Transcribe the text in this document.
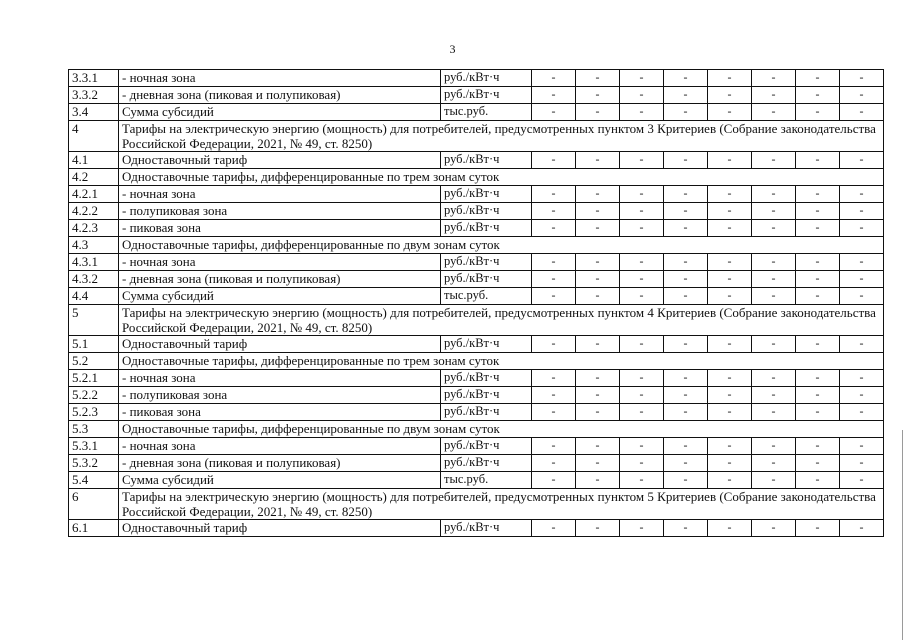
3
3.3.1	- ночная зона	руб./кВт·ч	-	-	-	-	-	-	-	-
3.3.2	- дневная зона (пиковая и полупиковая)	руб./кВт·ч	-	-	-	-	-	-	-	-
3.4	Сумма субсидий	тыс.руб.	-	-	-	-	-	-	-	-
4	Тарифы на электрическую энергию (мощность) для потребителей, предусмотренных пунктом 3 Критериев (Собрание законодательства Российской Федерации, 2021, № 49, ст. 8250)									
4.1	Одноставочный тариф	руб./кВт·ч	-	-	-	-	-	-	-	-
4.2	Одноставочные тарифы, дифференцированные по трем зонам суток									
4.2.1	- ночная зона	руб./кВт·ч	-	-	-	-	-	-	-	-
4.2.2	- полупиковая зона	руб./кВт·ч	-	-	-	-	-	-	-	-
4.2.3	- пиковая зона	руб./кВт·ч	-	-	-	-	-	-	-	-
4.3	Одноставочные тарифы, дифференцированные по двум зонам суток									
4.3.1	- ночная зона	руб./кВт·ч	-	-	-	-	-	-	-	-
4.3.2	- дневная зона (пиковая и полупиковая)	руб./кВт·ч	-	-	-	-	-	-	-	-
4.4	Сумма субсидий	тыс.руб.	-	-	-	-	-	-	-	-
5	Тарифы на электрическую энергию (мощность) для потребителей, предусмотренных пунктом 4 Критериев (Собрание законодательства Российской Федерации, 2021, № 49, ст. 8250)									
5.1	Одноставочный тариф	руб./кВт·ч	-	-	-	-	-	-	-	-
5.2	Одноставочные тарифы, дифференцированные по трем зонам суток									
5.2.1	- ночная зона	руб./кВт·ч	-	-	-	-	-	-	-	-
5.2.2	- полупиковая зона	руб./кВт·ч	-	-	-	-	-	-	-	-
5.2.3	- пиковая зона	руб./кВт·ч	-	-	-	-	-	-	-	-
5.3	Одноставочные тарифы, дифференцированные по двум зонам суток									
5.3.1	- ночная зона	руб./кВт·ч	-	-	-	-	-	-	-	-
5.3.2	- дневная зона (пиковая и полупиковая)	руб./кВт·ч	-	-	-	-	-	-	-	-
5.4	Сумма субсидий	тыс.руб.	-	-	-	-	-	-	-	-
6	Тарифы на электрическую энергию (мощность) для потребителей, предусмотренных пунктом 5 Критериев (Собрание законодательства Российской Федерации, 2021, № 49, ст. 8250)									
6.1	Одноставочный тариф	руб./кВт·ч	-	-	-	-	-	-	-	-
